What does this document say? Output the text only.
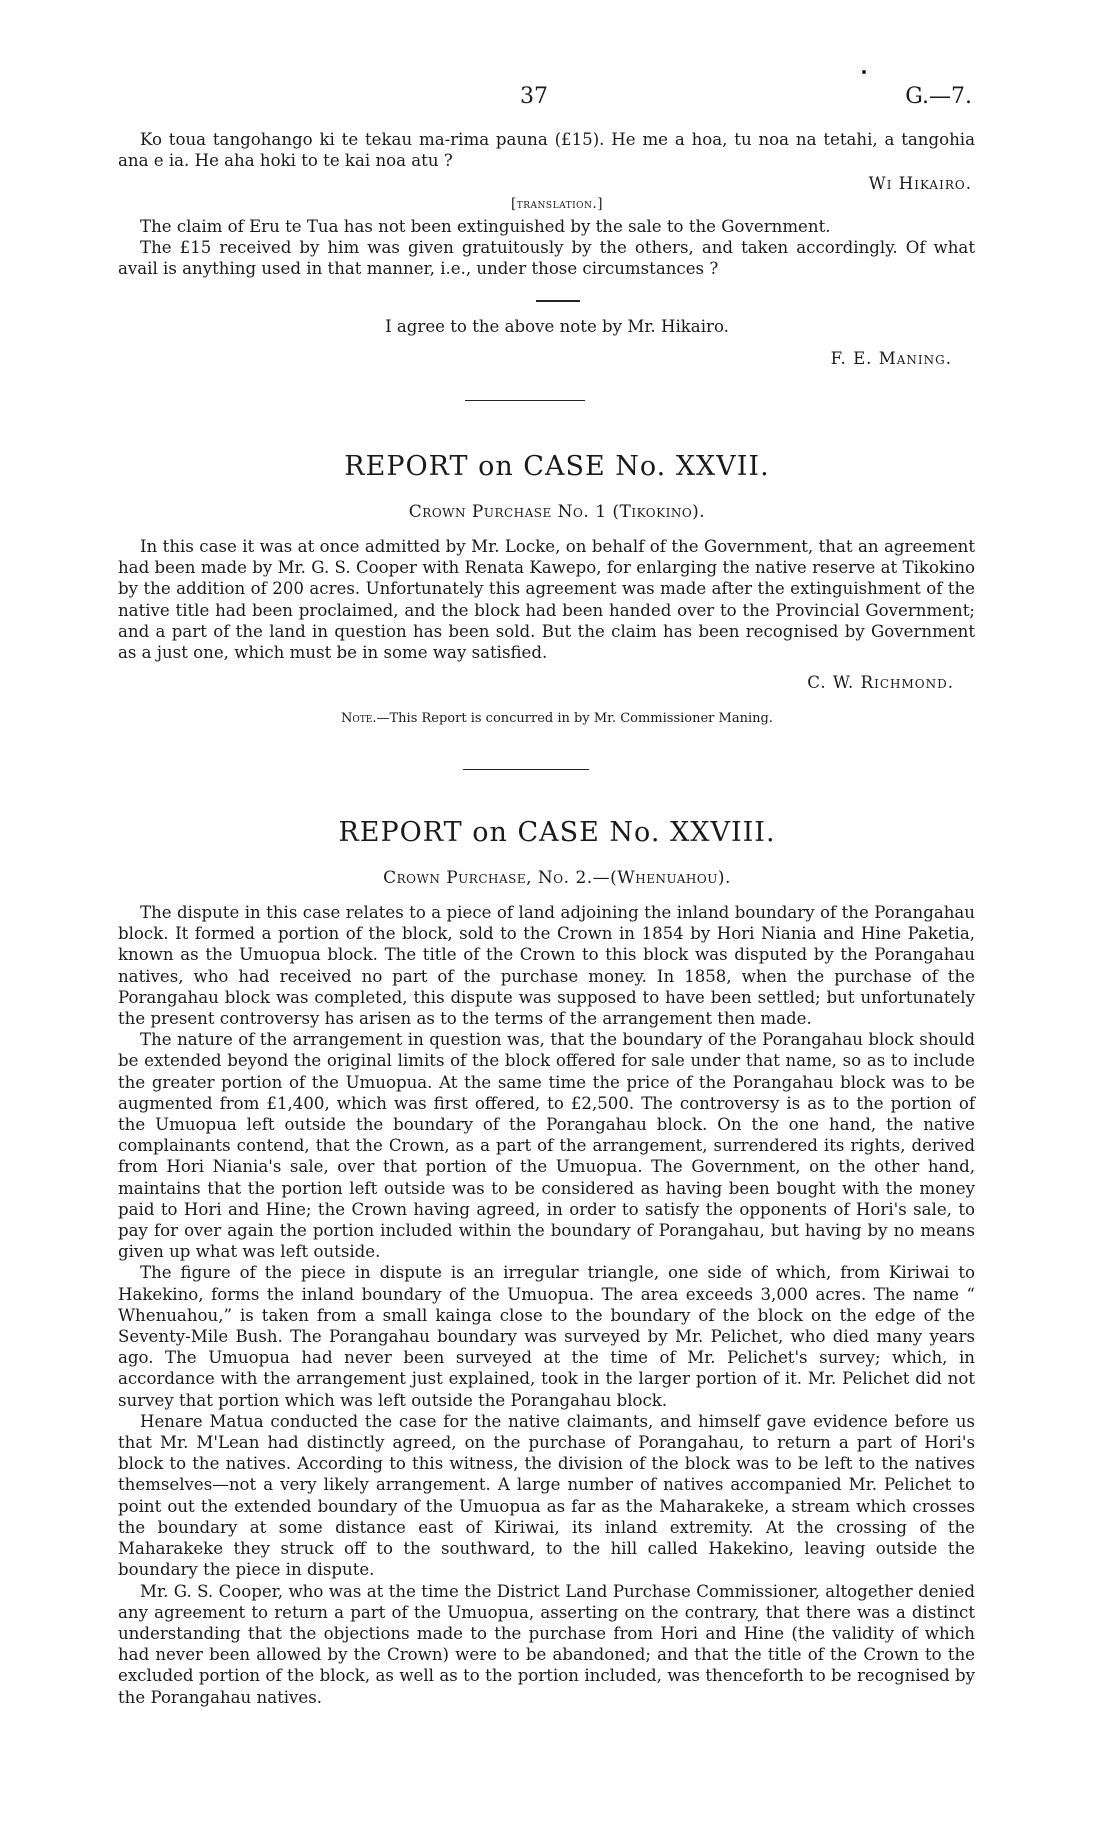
37	G.—7.

Ko toua tangohango ki te tekau ma-rima pauna (£15). He me a hoa, tu noa na tetahi, a tangohia ana e ia. He aha hoki to te kai noa atu ?

Wi Hikairo.
[translation.]

The claim of Eru te Tua has not been extinguished by the sale to the Government.

The £15 received by him was given gratuitously by the others, and taken accordingly. Of what avail is anything used in that manner, i.e., under those circumstances ?

I agree to the above note by Mr. Hikairo.
F. E. Maning.
REPORT on CASE No. XXVII.
Crown Purchase No. 1 (Tikokino).

In this case it was at once admitted by Mr. Locke, on behalf of the Government, that an agreement had been made by Mr. G. S. Cooper with Renata Kawepo, for enlarging the native reserve at Tikokino by the addition of 200 acres. Unfortunately this agreement was made after the extinguishment of the native title had been proclaimed, and the block had been handed over to the Provincial Government; and a part of the land in question has been sold. But the claim has been recognised by Government as a just one, which must be in some way satisfied.

C. W. Richmond.
Note.—This Report is concurred in by Mr. Commissioner Maning.
REPORT on CASE No. XXVIII.
Crown Purchase, No. 2.—(Whenuahou).

The dispute in this case relates to a piece of land adjoining the inland boundary of the Porangahau block. It formed a portion of the block, sold to the Crown in 1854 by Hori Niania and Hine Paketia, known as the Umuopua block. The title of the Crown to this block was disputed by the Porangahau natives, who had received no part of the purchase money. In 1858, when the purchase of the Porangahau block was completed, this dispute was supposed to have been settled; but unfortunately the present controversy has arisen as to the terms of the arrangement then made.

The nature of the arrangement in question was, that the boundary of the Porangahau block should be extended beyond the original limits of the block offered for sale under that name, so as to include the greater portion of the Umuopua. At the same time the price of the Porangahau block was to be augmented from £1,400, which was first offered, to £2,500. The controversy is as to the portion of the Umuopua left outside the boundary of the Porangahau block. On the one hand, the native complainants contend, that the Crown, as a part of the arrangement, surrendered its rights, derived from Hori Niania's sale, over that portion of the Umuopua. The Government, on the other hand, maintains that the portion left outside was to be considered as having been bought with the money paid to Hori and Hine; the Crown having agreed, in order to satisfy the opponents of Hori's sale, to pay for over again the portion included within the boundary of Porangahau, but having by no means given up what was left outside.

The figure of the piece in dispute is an irregular triangle, one side of which, from Kiriwai to Hakekino, forms the inland boundary of the Umuopua. The area exceeds 3,000 acres. The name “ Whenuahou,” is taken from a small kainga close to the boundary of the block on the edge of the Seventy-Mile Bush. The Porangahau boundary was surveyed by Mr. Pelichet, who died many years ago. The Umuopua had never been surveyed at the time of Mr. Pelichet's survey; which, in accordance with the arrangement just explained, took in the larger portion of it. Mr. Pelichet did not survey that portion which was left outside the Porangahau block.

Henare Matua conducted the case for the native claimants, and himself gave evidence before us that Mr. M'Lean had distinctly agreed, on the purchase of Porangahau, to return a part of Hori's block to the natives. According to this witness, the division of the block was to be left to the natives themselves—not a very likely arrangement. A large number of natives accompanied Mr. Pelichet to point out the extended boundary of the Umuopua as far as the Maharakeke, a stream which crosses the boundary at some distance east of Kiriwai, its inland extremity. At the crossing of the Maharakeke they struck off to the southward, to the hill called Hakekino, leaving outside the boundary the piece in dispute.

Mr. G. S. Cooper, who was at the time the District Land Purchase Commissioner, altogether denied any agreement to return a part of the Umuopua, asserting on the contrary, that there was a distinct understanding that the objections made to the purchase from Hori and Hine (the validity of which had never been allowed by the Crown) were to be abandoned; and that the title of the Crown to the excluded portion of the block, as well as to the portion included, was thenceforth to be recognised by the Porangahau natives.
